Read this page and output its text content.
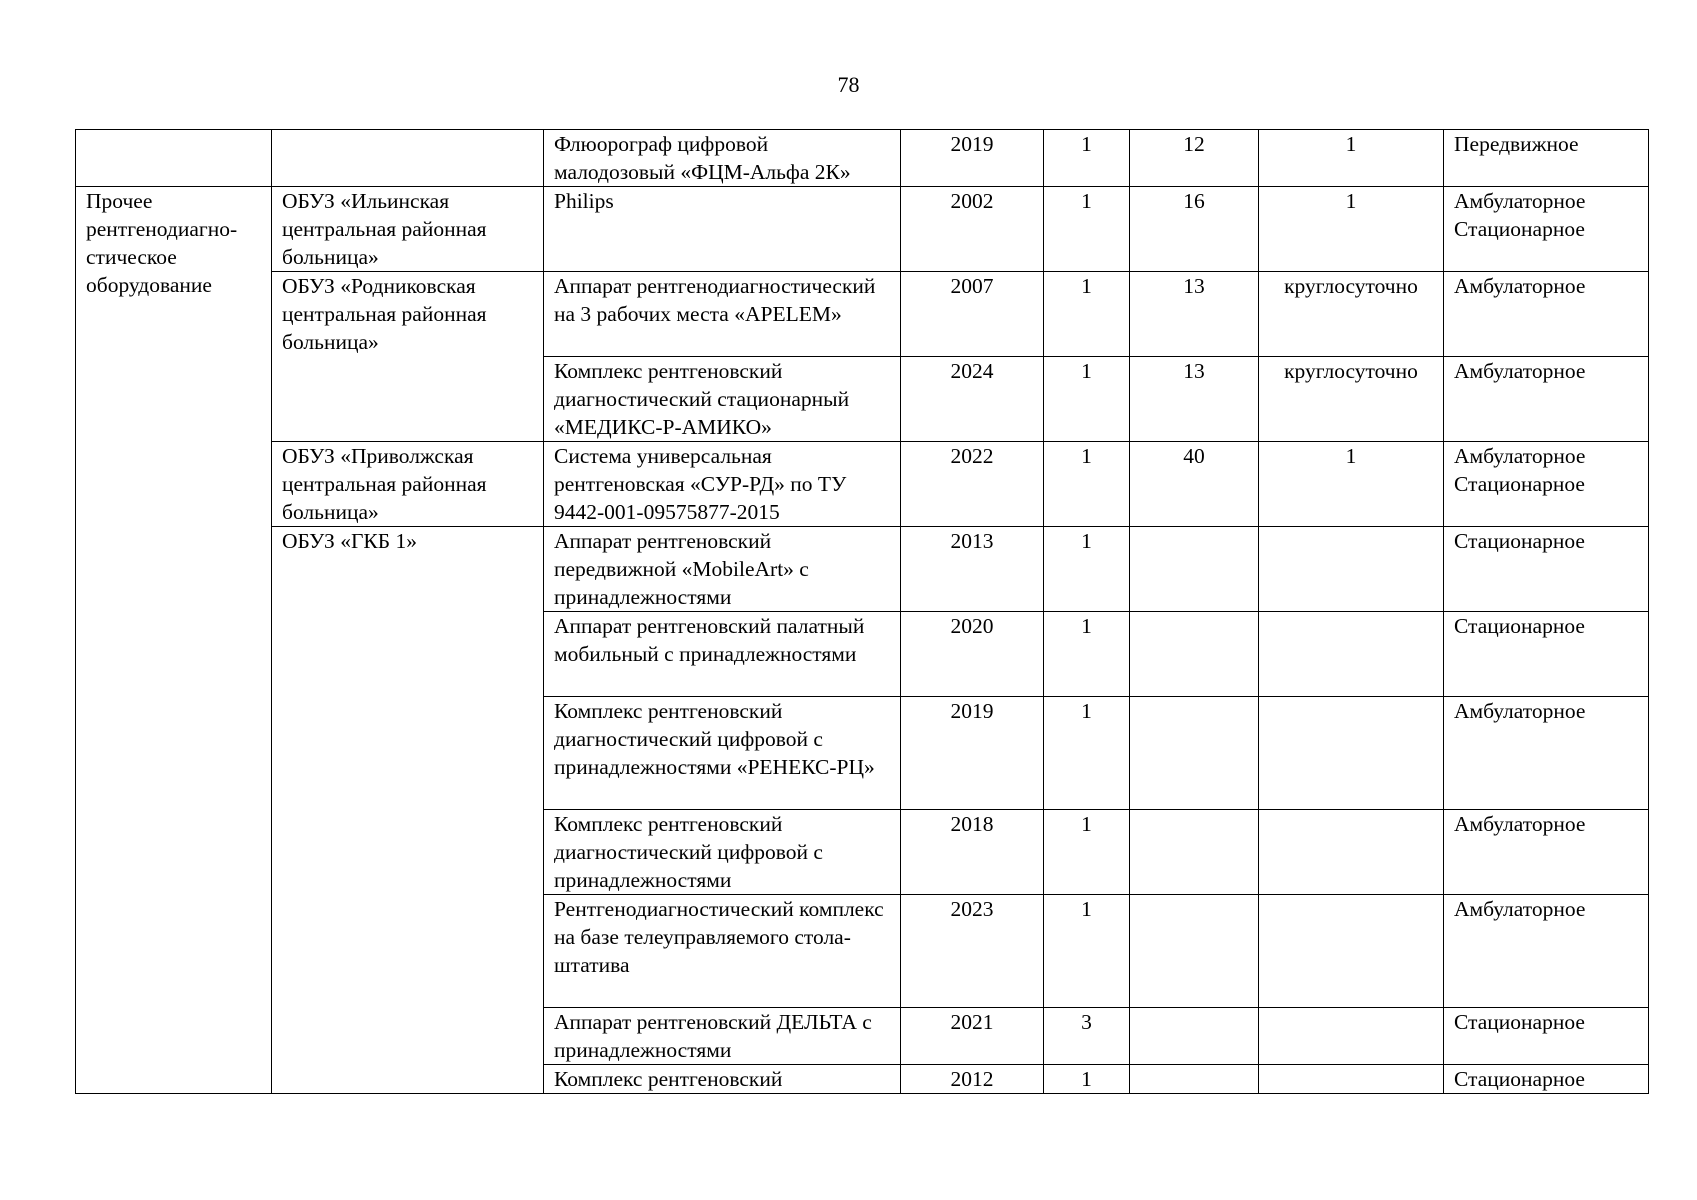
78
		Флюорограф цифровой малодозовый «ФЦМ-Альфа 2К»	2019	1	12	1	Передвижное
Прочее рентгенодиагно-стическое оборудование	ОБУЗ «Ильинская центральная районная больница»	Philips	2002	1	16	1	Амбулаторное Стационарное
	ОБУЗ «Родниковская центральная районная больница»	Аппарат рентгенодиагностический на 3 рабочих места «APELEM»	2007	1	13	круглосуточно	Амбулаторное
		Комплекс рентгеновский диагностический стационарный «МЕДИКС-Р-АМИКО»	2024	1	13	круглосуточно	Амбулаторное
	ОБУЗ «Приволжская центральная районная больница»	Система универсальная рентгеновская «СУР-РД» по ТУ 9442-001-09575877-2015	2022	1	40	1	Амбулаторное Стационарное
	ОБУЗ «ГКБ 1»	Аппарат рентгеновский передвижной «MobileArt» с принадлежностями	2013	1			Стационарное
		Аппарат рентгеновский палатный мобильный с принадлежностями	2020	1			Стационарное
		Комплекс рентгеновский диагностический цифровой с принадлежностями «РЕНЕКС-РЦ»	2019	1			Амбулаторное
		Комплекс рентгеновский диагностический цифровой с принадлежностями	2018	1			Амбулаторное
		Рентгенодиагностический комплекс на базе телеуправляемого стола-штатива	2023	1			Амбулаторное
		Аппарат рентгеновский ДЕЛЬТА с принадлежностями	2021	3			Стационарное
		Комплекс рентгеновский	2012	1			Стационарное
